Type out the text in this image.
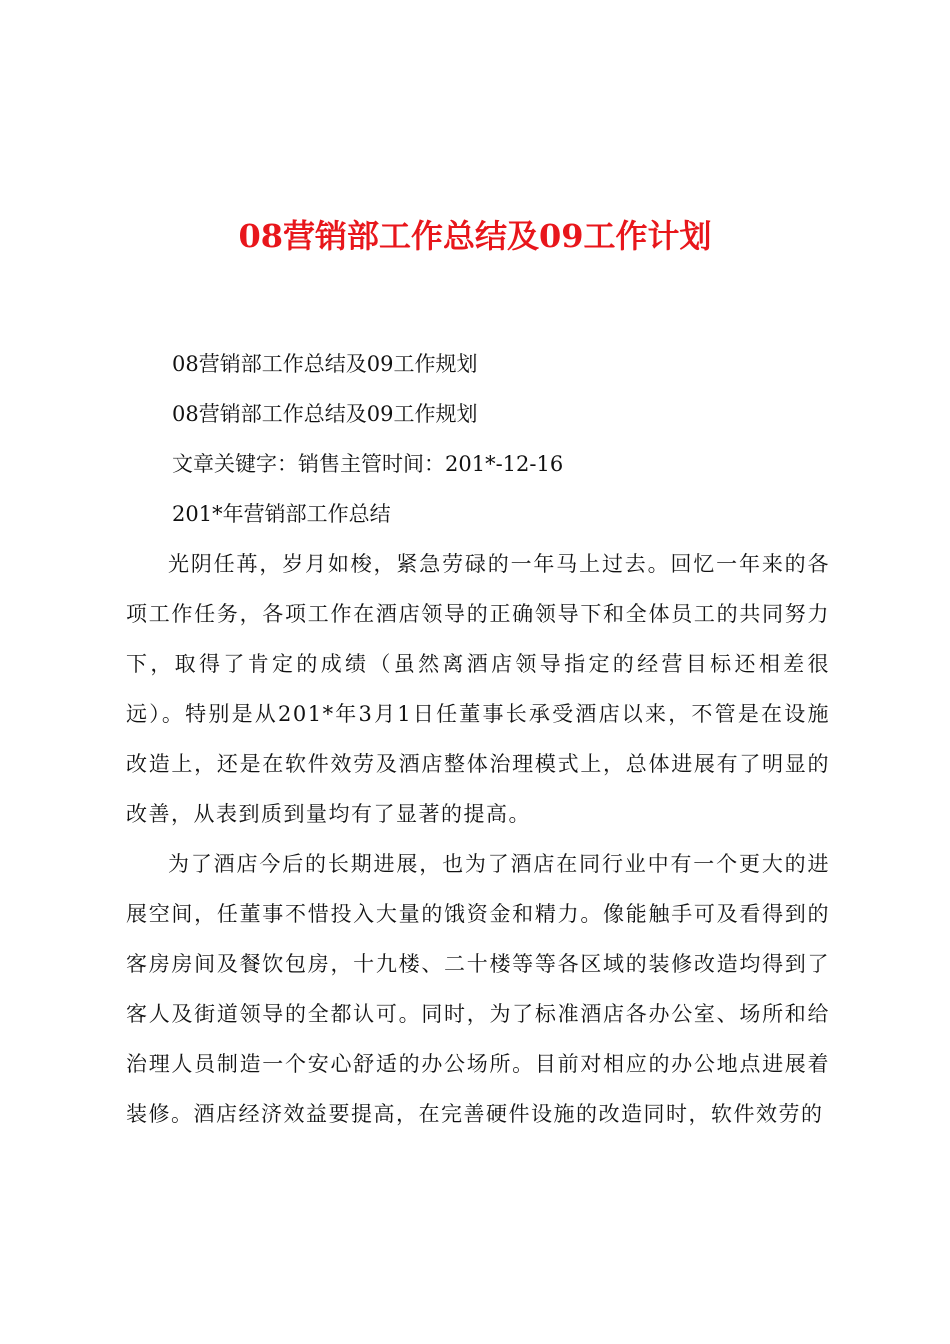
08营销部工作总结及09工作计划

08营销部工作总结及09工作规划

08营销部工作总结及09工作规划

文章关键字：销售主管时间：201*-12-16

201*年营销部工作总结

光阴任苒，岁月如梭，紧急劳碌的一年马上过去。回忆一年来的各项工作任务，各项工作在酒店领导的正确领导下和全体员工的共同努力下，取得了肯定的成绩（虽然离酒店领导指定的经营目标还相差很远）。特别是从201*年3月1日任董事长承受酒店以来，不管是在设施改造上，还是在软件效劳及酒店整体治理模式上，总体进展有了明显的改善，从表到质到量均有了显著的提高。

为了酒店今后的长期进展，也为了酒店在同行业中有一个更大的进展空间，任董事不惜投入大量的饿资金和精力。像能触手可及看得到的客房房间及餐饮包房，十九楼、二十楼等等各区域的装修改造均得到了客人及街道领导的全都认可。同时，为了标准酒店各办公室、场所和给治理人员制造一个安心舒适的办公场所。目前对相应的办公地点进展着装修。酒店经济效益要提高，在完善硬件设施的改造同时，软件效劳的
